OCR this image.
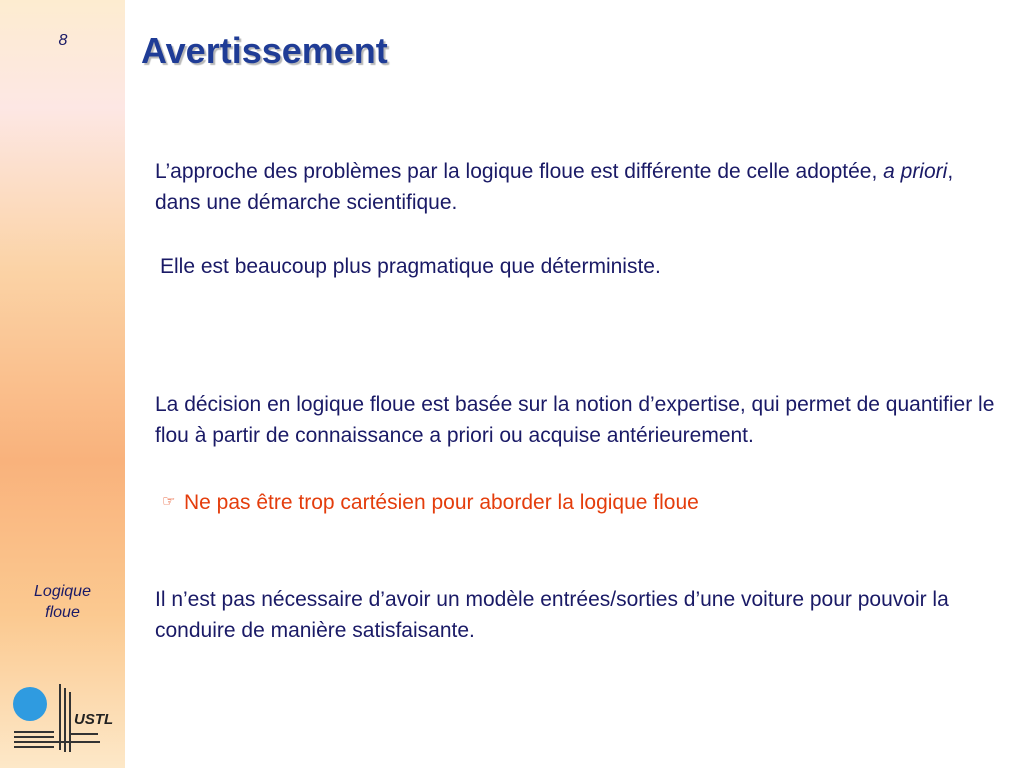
8
Logique
floue
USTL
Avertissement

L’approche des problèmes par la logique floue est différente de celle adoptée, a priori, dans une démarche scientifique.

Elle est beaucoup plus pragmatique que déterministe.

La décision en logique floue est basée sur la notion d’expertise, qui permet de quantifier le flou à partir de connaissance a priori ou acquise antérieurement.

☞ Ne pas être trop cartésien pour aborder la logique floue

Il n’est pas nécessaire d’avoir un modèle entrées/sorties d’une voiture pour pouvoir la conduire de manière satisfaisante.
